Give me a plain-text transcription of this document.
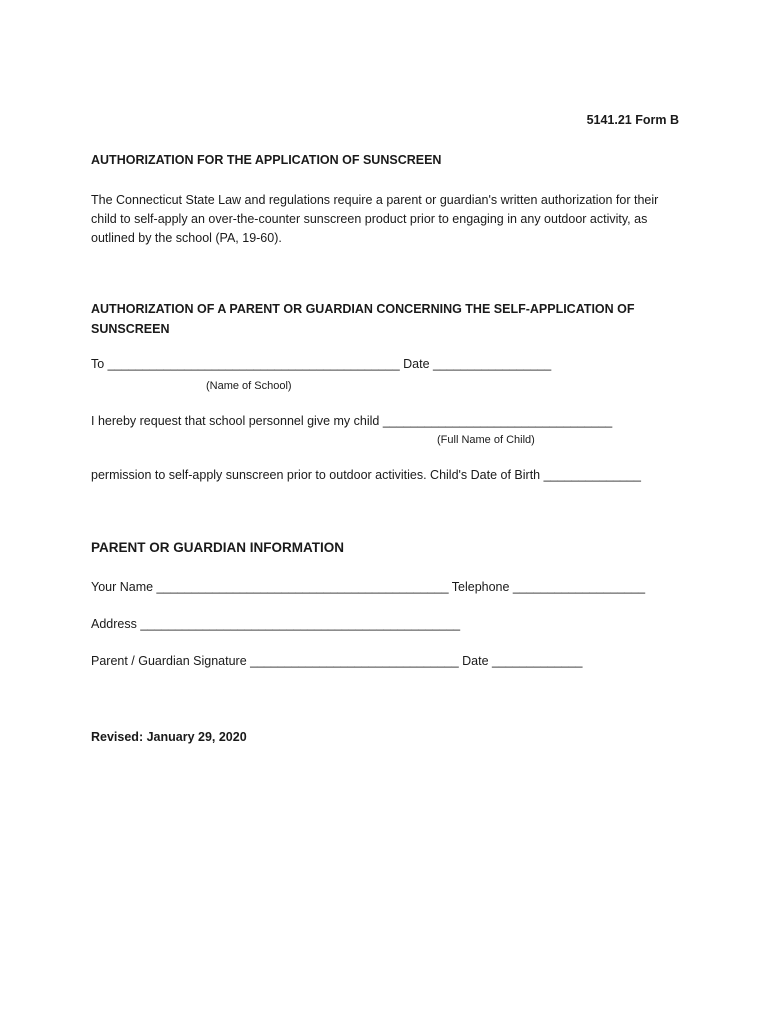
5141.21 Form B
AUTHORIZATION FOR THE APPLICATION OF SUNSCREEN
The Connecticut State Law and regulations require a parent or guardian's written authorization for their child to self-apply an over-the-counter sunscreen product prior to engaging in any outdoor activity, as outlined by the school (PA, 19-60).
AUTHORIZATION OF A PARENT OR GUARDIAN CONCERNING THE SELF-APPLICATION OF SUNSCREEN
To __________________________________________ Date _________________
(Name of School)
I hereby request that school personnel give my child _________________________________
(Full Name of Child)
permission to self-apply sunscreen prior to outdoor activities. Child's Date of Birth ______________
PARENT OR GUARDIAN INFORMATION
Your Name __________________________________________ Telephone ___________________
Address ______________________________________________
Parent / Guardian Signature ______________________________ Date _____________
Revised: January 29, 2020
